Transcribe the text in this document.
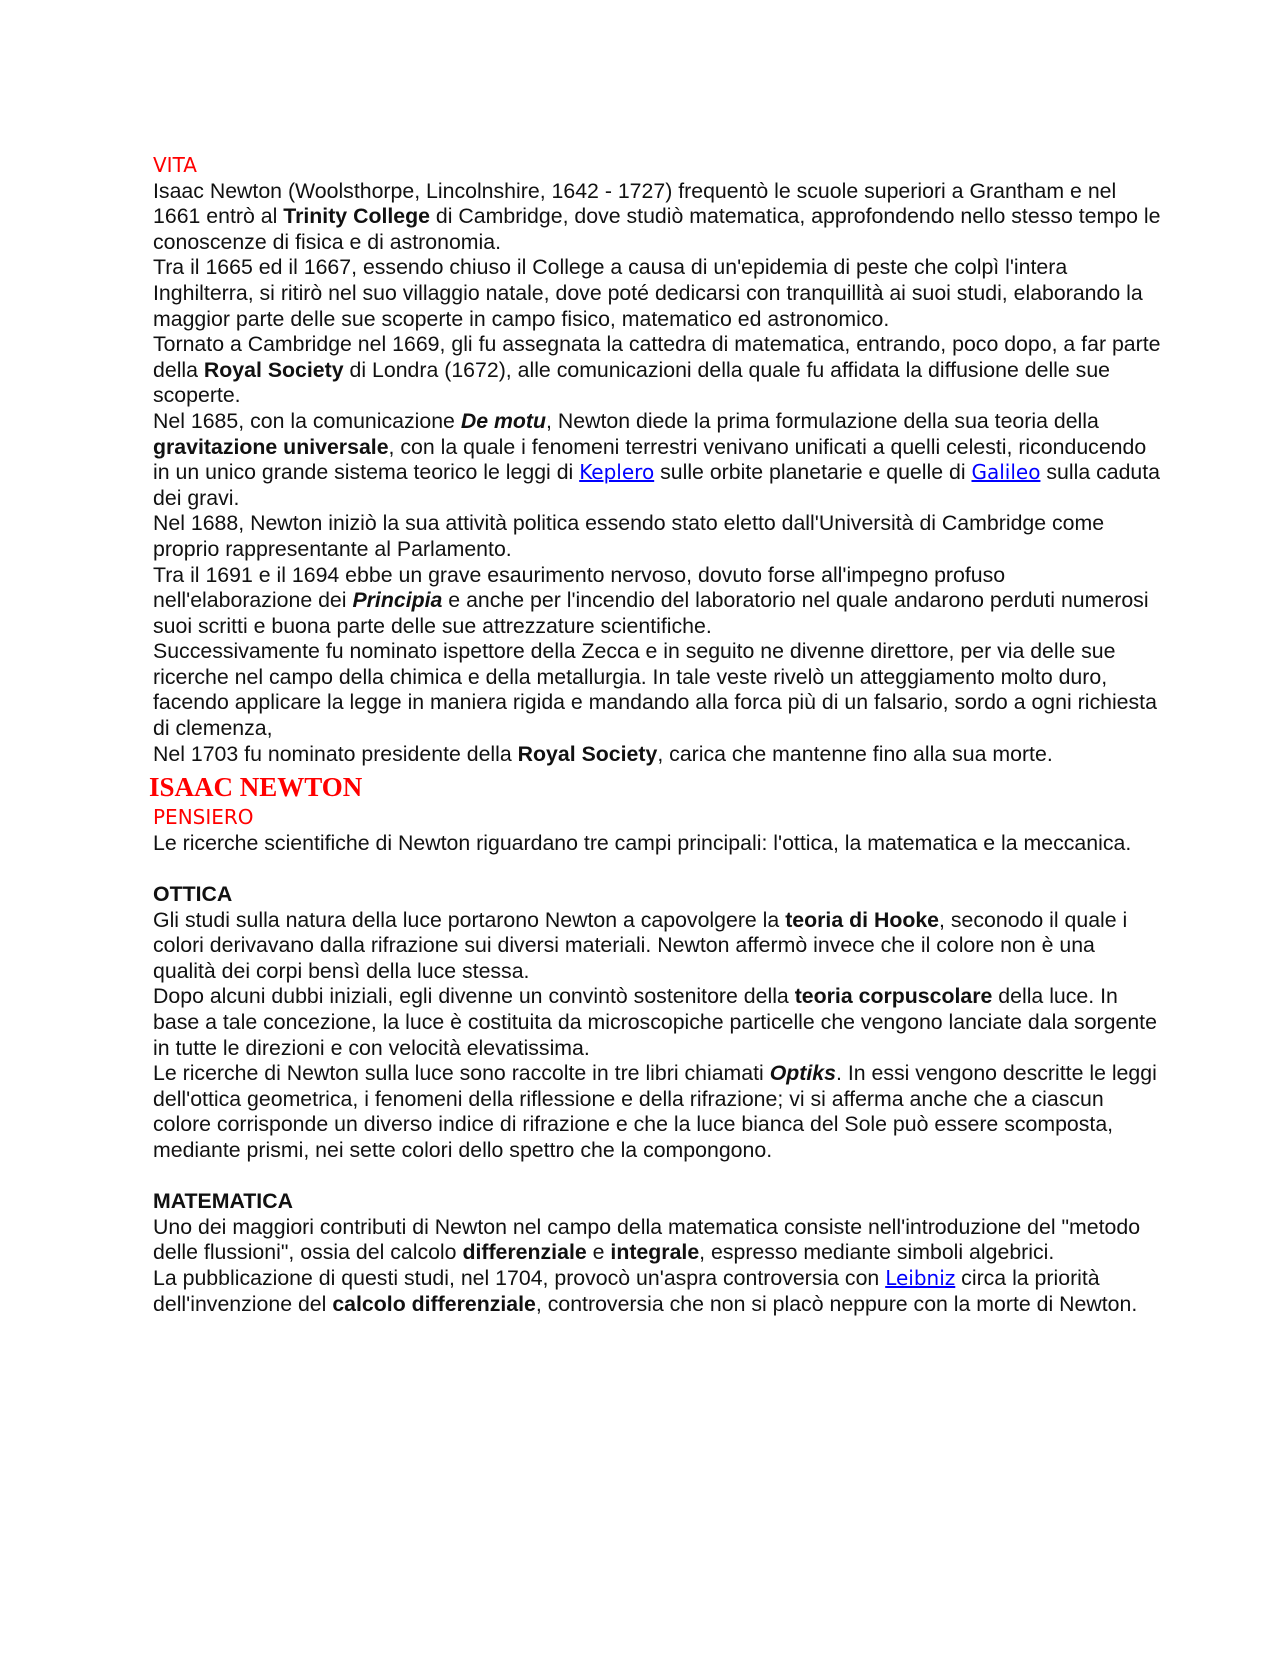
VITA

Isaac Newton (Woolsthorpe, Lincolnshire, 1642 - 1727) frequentò le scuole superiori a Grantham e nel 1661 entrò al Trinity College di Cambridge, dove studiò matematica, approfondendo nello stesso tempo le conoscenze di fisica e di astronomia.

Tra il 1665 ed il 1667, essendo chiuso il College a causa di un'epidemia di peste che colpì l'intera Inghilterra, si ritirò nel suo villaggio natale, dove poté dedicarsi con tranquillità ai suoi studi, elaborando la maggior parte delle sue scoperte in campo fisico, matematico ed astronomico.

Tornato a Cambridge nel 1669, gli fu assegnata la cattedra di matematica, entrando, poco dopo, a far parte della Royal Society di Londra (1672), alle comunicazioni della quale fu affidata la diffusione delle sue scoperte.

Nel 1685, con la comunicazione De motu, Newton diede la prima formulazione della sua teoria della gravitazione universale, con la quale i fenomeni terrestri venivano unificati a quelli celesti, riconducendo in un unico grande sistema teorico le leggi di Keplero sulle orbite planetarie e quelle di Galileo sulla caduta dei gravi.

Nel 1688, Newton iniziò la sua attività politica essendo stato eletto dall'Università di Cambridge come proprio rappresentante al Parlamento.

Tra il 1691 e il 1694 ebbe un grave esaurimento nervoso, dovuto forse all'impegno profuso nell'elaborazione dei Principia e anche per l'incendio del laboratorio nel quale andarono perduti numerosi suoi scritti e buona parte delle sue attrezzature scientifiche.

Successivamente fu nominato ispettore della Zecca e in seguito ne divenne direttore, per via delle sue ricerche nel campo della chimica e della metallurgia. In tale veste rivelò un atteggiamento molto duro, facendo applicare la legge in maniera rigida e mandando alla forca più di un falsario, sordo a ogni richiesta di clemenza,

Nel 1703 fu nominato presidente della Royal Society, carica che mantenne fino alla sua morte.

ISAAC NEWTON

PENSIERO

Le ricerche scientifiche di Newton riguardano tre campi principali: l'ottica, la matematica e la meccanica.

OTTICA

Gli studi sulla natura della luce portarono Newton a capovolgere la teoria di Hooke, seconodo il quale i colori derivavano dalla rifrazione sui diversi materiali. Newton affermò invece che il colore non è una qualità dei corpi bensì della luce stessa.

Dopo alcuni dubbi iniziali, egli divenne un convintò sostenitore della teoria corpuscolare della luce. In base a tale concezione, la luce è costituita da microscopiche particelle che vengono lanciate dala sorgente in tutte le direzioni e con velocità elevatissima.

Le ricerche di Newton sulla luce sono raccolte in tre libri chiamati Optiks. In essi vengono descritte le leggi dell'ottica geometrica, i fenomeni della riflessione e della rifrazione; vi si afferma anche che a ciascun colore corrisponde un diverso indice di rifrazione e che la luce bianca del Sole può essere scomposta, mediante prismi, nei sette colori dello spettro che la compongono.

MATEMATICA

Uno dei maggiori contributi di Newton nel campo della matematica consiste nell'introduzione del "metodo delle flussioni", ossia del calcolo differenziale e integrale, espresso mediante simboli algebrici.

La pubblicazione di questi studi, nel 1704, provocò un'aspra controversia con Leibniz circa la priorità dell'invenzione del calcolo differenziale, controversia che non si placò neppure con la morte di Newton.
